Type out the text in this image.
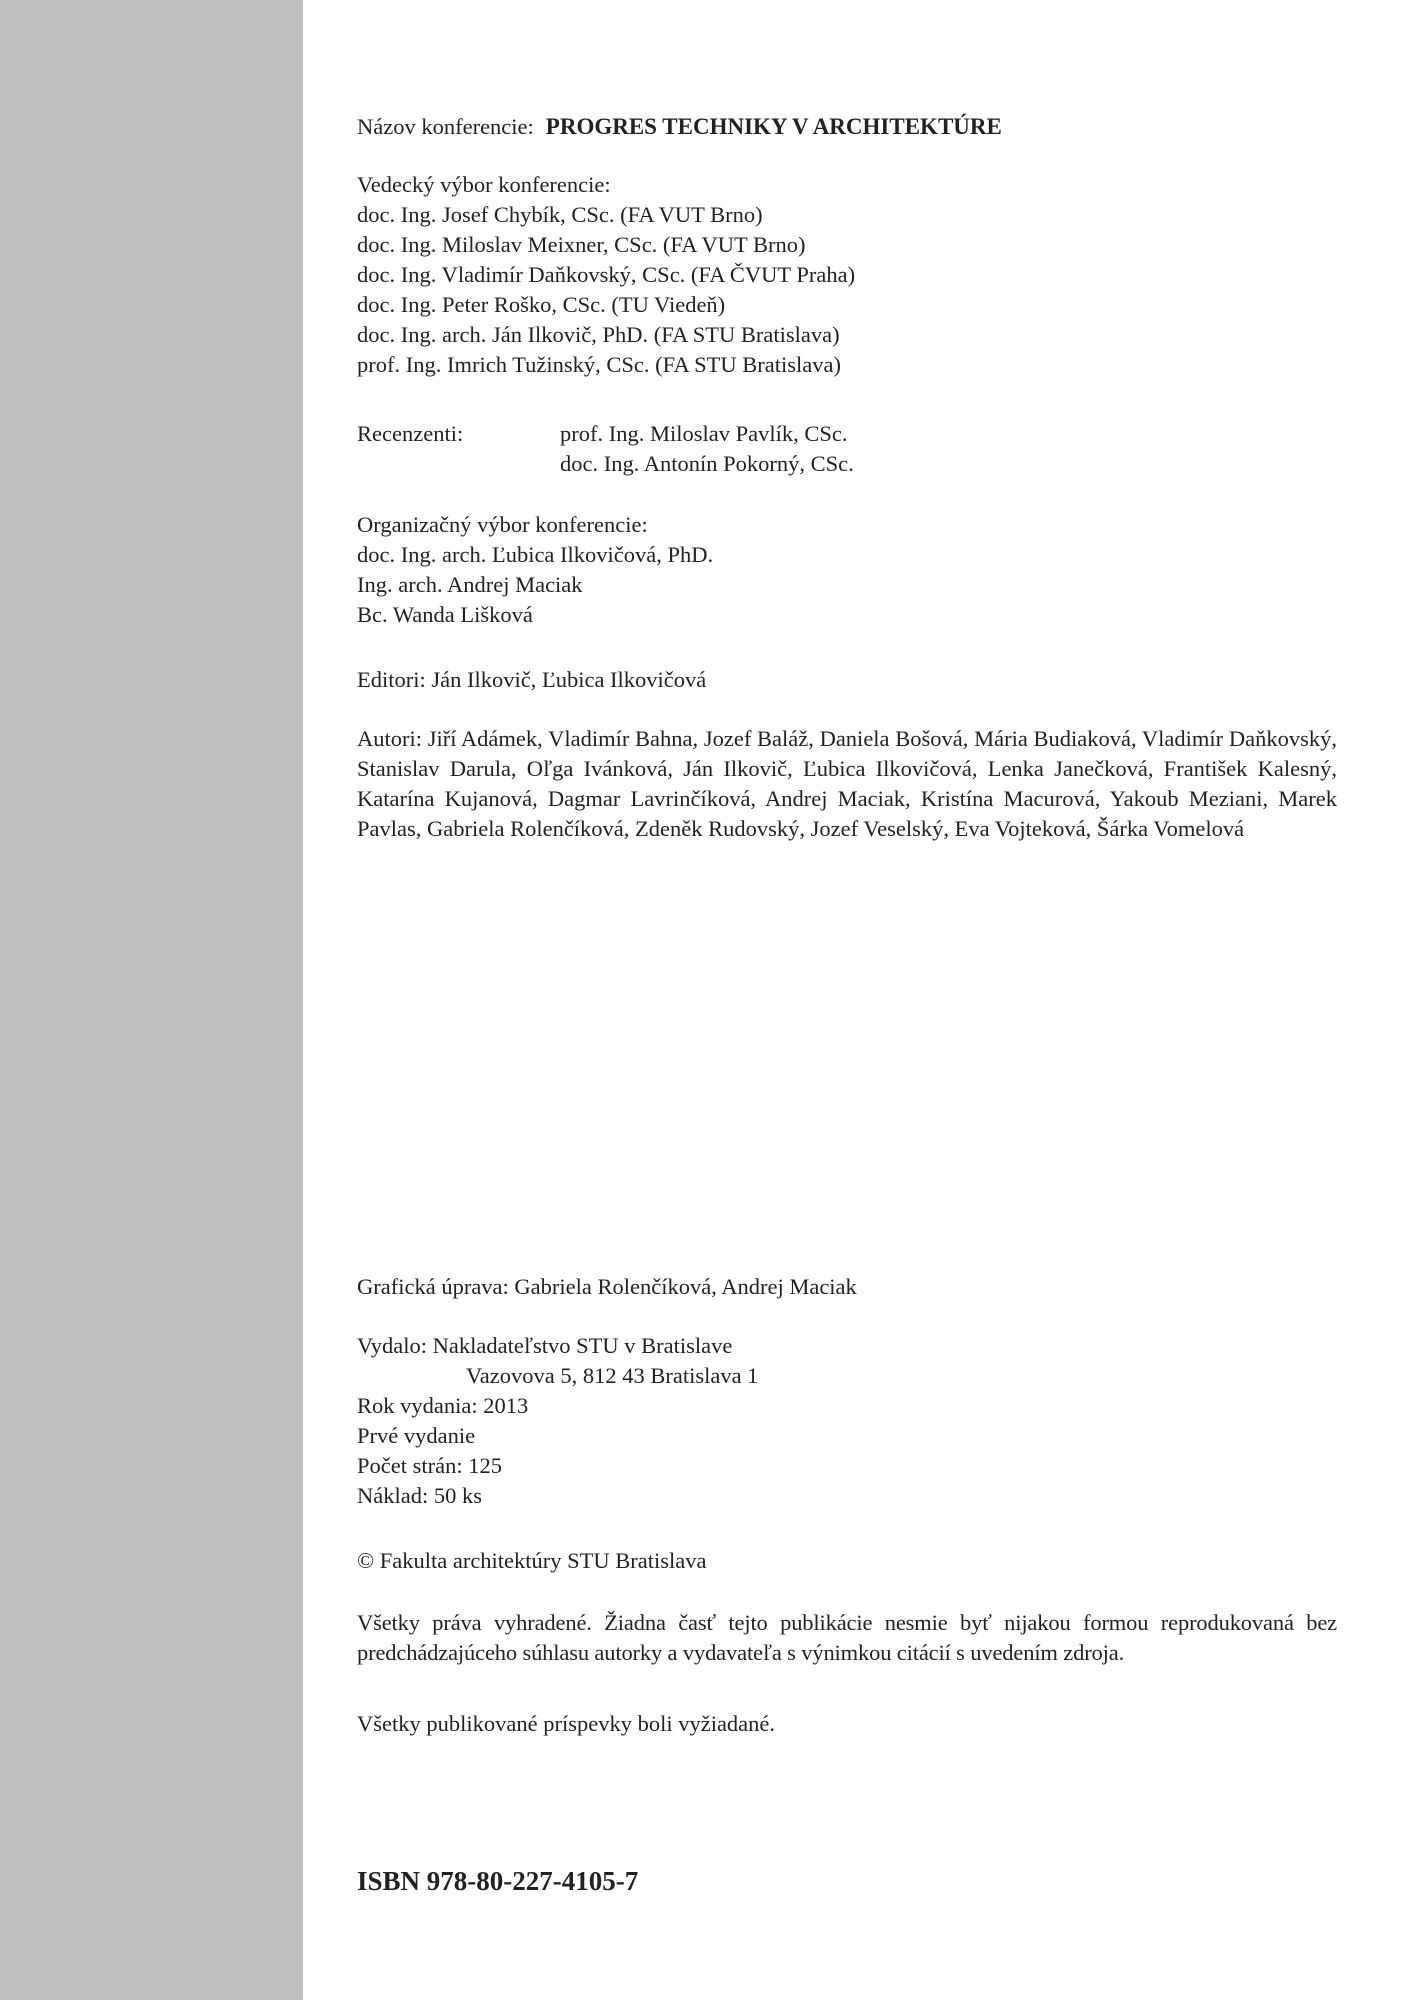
Názov konferencie: PROGRES TECHNIKY V ARCHITEKTÚRE
Vedecký výbor konferencie:
doc. Ing. Josef Chybík, CSc. (FA VUT Brno)
doc. Ing. Miloslav Meixner, CSc. (FA VUT Brno)
doc. Ing. Vladimír Daňkovský, CSc. (FA ČVUT Praha)
doc. Ing. Peter Roško, CSc. (TU Viedeň)
doc. Ing. arch. Ján Ilkovič, PhD. (FA STU Bratislava)
prof. Ing. Imrich Tužinský, CSc. (FA STU Bratislava)
Recenzenti:	prof. Ing. Miloslav Pavlík, CSc.
doc. Ing. Antonín Pokorný, CSc.
Organizačný výbor konferencie:
doc. Ing. arch. Ľubica Ilkovičová, PhD.
Ing. arch. Andrej Maciak
Bc. Wanda Lišková
Editori: Ján Ilkovič, Ľubica Ilkovičová
Autori: Jiří Adámek, Vladimír Bahna, Jozef Baláž, Daniela Bošová, Mária Budiaková, Vladimír Daňkovský, Stanislav Darula, Oľga Ivánková, Ján Ilkovič, Ľubica Ilkovičová, Lenka Janečková, František Kalesný, Katarína Kujanová, Dagmar Lavrinčíková, Andrej Maciak, Kristína Macurová, Yakoub Meziani, Marek Pavlas, Gabriela Rolenčíková, Zdeněk Rudovský, Jozef Veselský, Eva Vojteková, Šárka Vomelová
Grafická úprava: Gabriela Rolenčíková, Andrej Maciak
Vydalo: Nakladateľstvo STU v Bratislave
Vazovova 5, 812 43 Bratislava 1
Rok vydania: 2013
Prvé vydanie
Počet strán: 125
Náklad: 50 ks
© Fakulta architektúry STU Bratislava
Všetky práva vyhradené. Žiadna časť tejto publikácie nesmie byť nijakou formou reprodukovaná bez predchádzajúceho súhlasu autorky a vydavateľa s výnimkou citácií s uvedením zdroja.
Všetky publikované príspevky boli vyžiadané.
ISBN 978-80-227-4105-7
